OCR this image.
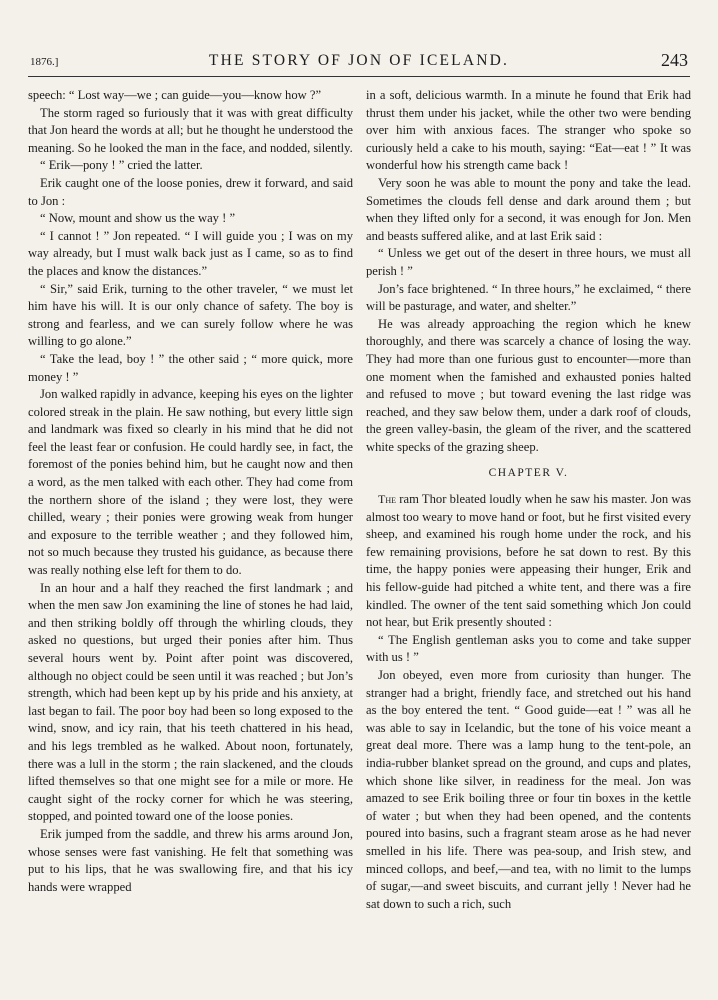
1876.]	THE STORY OF JON OF ICELAND.	243

speech: “ Lost way—we ; can guide—you—know how ?”

The storm raged so furiously that it was with great difficulty that Jon heard the words at all; but he thought he understood the meaning. So he looked the man in the face, and nodded, silently.

“ Erik—pony ! ” cried the latter.

Erik caught one of the loose ponies, drew it forward, and said to Jon :

“ Now, mount and show us the way ! ”

“ I cannot ! ” Jon repeated. “ I will guide you ; I was on my way already, but I must walk back just as I came, so as to find the places and know the distances.”

“ Sir,” said Erik, turning to the other traveler, “ we must let him have his will. It is our only chance of safety. The boy is strong and fearless, and we can surely follow where he was willing to go alone.”

“ Take the lead, boy ! ” the other said ; “ more quick, more money ! ”

Jon walked rapidly in advance, keeping his eyes on the lighter colored streak in the plain. He saw nothing, but every little sign and landmark was fixed so clearly in his mind that he did not feel the least fear or confusion. He could hardly see, in fact, the foremost of the ponies behind him, but he caught now and then a word, as the men talked with each other. They had come from the northern shore of the island ; they were lost, they were chilled, weary ; their ponies were growing weak from hunger and exposure to the terrible weather ; and they followed him, not so much because they trusted his guidance, as because there was really nothing else left for them to do.

In an hour and a half they reached the first landmark ; and when the men saw Jon examining the line of stones he had laid, and then striking boldly off through the whirling clouds, they asked no questions, but urged their ponies after him. Thus several hours went by. Point after point was discovered, although no object could be seen until it was reached ; but Jon’s strength, which had been kept up by his pride and his anxiety, at last began to fail. The poor boy had been so long exposed to the wind, snow, and icy rain, that his teeth chattered in his head, and his legs trembled as he walked. About noon, fortunately, there was a lull in the storm ; the rain slackened, and the clouds lifted themselves so that one might see for a mile or more. He caught sight of the rocky corner for which he was steering, stopped, and pointed toward one of the loose ponies.

Erik jumped from the saddle, and threw his arms around Jon, whose senses were fast vanishing. He felt that something was put to his lips, that he was swallowing fire, and that his icy hands were wrapped

in a soft, delicious warmth. In a minute he found that Erik had thrust them under his jacket, while the other two were bending over him with anxious faces. The stranger who spoke so curiously held a cake to his mouth, saying: “Eat—eat ! ” It was wonderful how his strength came back !

Very soon he was able to mount the pony and take the lead. Sometimes the clouds fell dense and dark around them ; but when they lifted only for a second, it was enough for Jon. Men and beasts suffered alike, and at last Erik said :

“ Unless we get out of the desert in three hours, we must all perish ! ”

Jon’s face brightened. “ In three hours,” he exclaimed, “ there will be pasturage, and water, and shelter.”

He was already approaching the region which he knew thoroughly, and there was scarcely a chance of losing the way. They had more than one furious gust to encounter—more than one moment when the famished and exhausted ponies halted and refused to move ; but toward evening the last ridge was reached, and they saw below them, under a dark roof of clouds, the green valley-basin, the gleam of the river, and the scattered white specks of the grazing sheep.

CHAPTER V.

The ram Thor bleated loudly when he saw his master. Jon was almost too weary to move hand or foot, but he first visited every sheep, and examined his rough home under the rock, and his few remaining provisions, before he sat down to rest. By this time, the happy ponies were appeasing their hunger, Erik and his fellow-guide had pitched a white tent, and there was a fire kindled. The owner of the tent said something which Jon could not hear, but Erik presently shouted :

“ The English gentleman asks you to come and take supper with us ! ”

Jon obeyed, even more from curiosity than hunger. The stranger had a bright, friendly face, and stretched out his hand as the boy entered the tent. “ Good guide—eat ! ” was all he was able to say in Icelandic, but the tone of his voice meant a great deal more. There was a lamp hung to the tent-pole, an india-rubber blanket spread on the ground, and cups and plates, which shone like silver, in readiness for the meal. Jon was amazed to see Erik boiling three or four tin boxes in the kettle of water ; but when they had been opened, and the contents poured into basins, such a fragrant steam arose as he had never smelled in his life. There was pea-soup, and Irish stew, and minced collops, and beef,—and tea, with no limit to the lumps of sugar,—and sweet biscuits, and currant jelly ! Never had he sat down to such a rich, such
